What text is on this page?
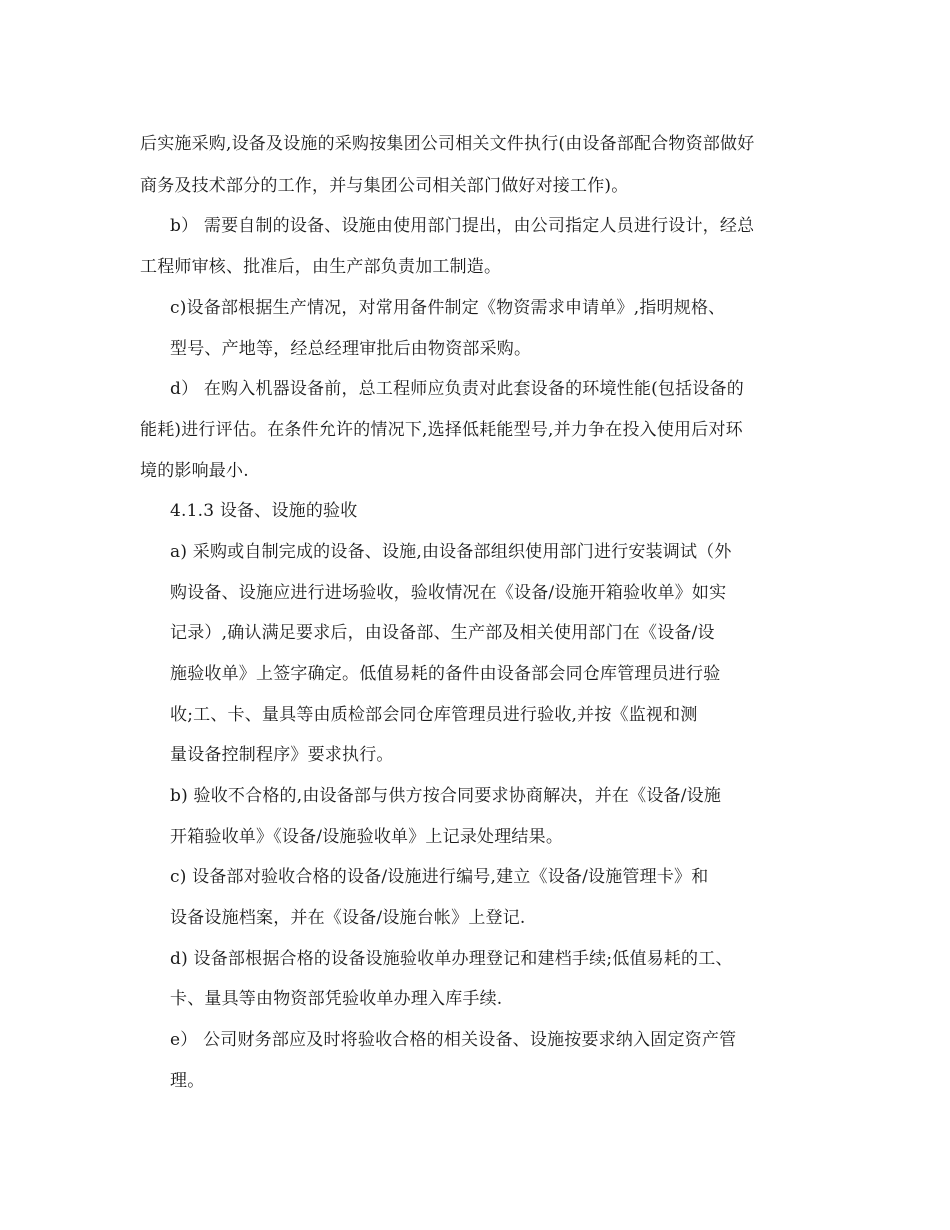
后实施采购,设备及设施的采购按集团公司相关文件执行(由设备部配合物资部做好
商务及技术部分的工作，并与集团公司相关部门做好对接工作)。
b） 需要自制的设备、设施由使用部门提出，由公司指定人员进行设计，经总
工程师审核、批准后，由生产部负责加工制造。
c)设备部根据生产情况，对常用备件制定《物资需求申请单》,指明规格、
型号、产地等，经总经理审批后由物资部采购。
d） 在购入机器设备前，总工程师应负责对此套设备的环境性能(包括设备的
能耗)进行评估。在条件允许的情况下,选择低耗能型号,并力争在投入使用后对环
境的影响最小.
4.1.3 设备、设施的验收
a) 采购或自制完成的设备、设施,由设备部组织使用部门进行安装调试（外
购设备、设施应进行进场验收，验收情况在《设备/设施开箱验收单》如实
记录）,确认满足要求后，由设备部、生产部及相关使用部门在《设备/设
施验收单》上签字确定。低值易耗的备件由设备部会同仓库管理员进行验
收;工、卡、量具等由质检部会同仓库管理员进行验收,并按《监视和测
量设备控制程序》要求执行。
b) 验收不合格的,由设备部与供方按合同要求协商解决，并在《设备/设施
开箱验收单》《设备/设施验收单》上记录处理结果。
c) 设备部对验收合格的设备/设施进行编号,建立《设备/设施管理卡》和
设备设施档案，并在《设备/设施台帐》上登记.
d) 设备部根据合格的设备设施验收单办理登记和建档手续;低值易耗的工、
卡、量具等由物资部凭验收单办理入库手续.
e） 公司财务部应及时将验收合格的相关设备、设施按要求纳入固定资产管
理。
